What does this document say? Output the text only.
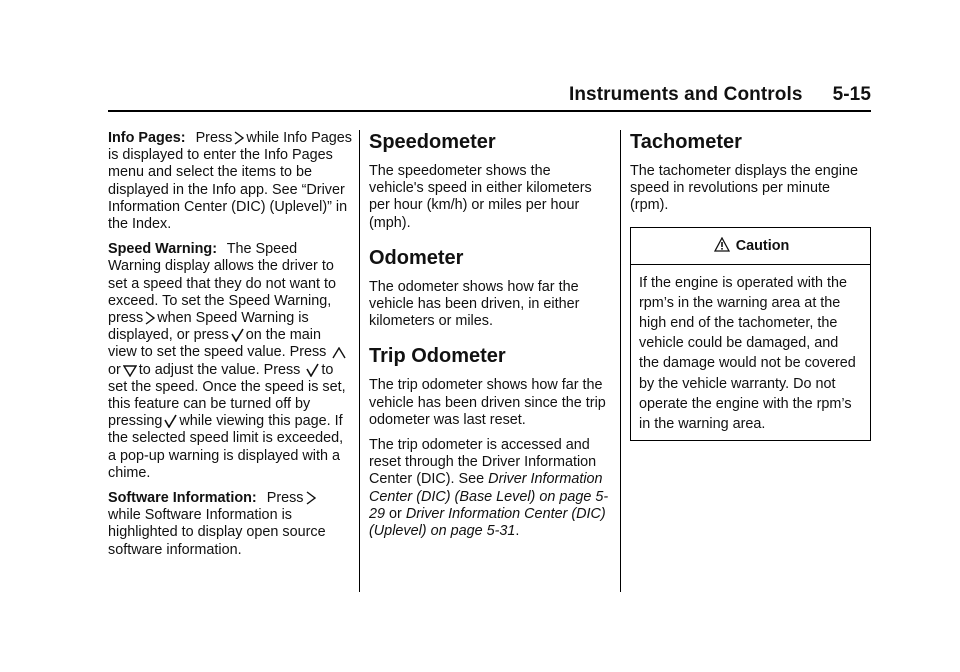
Instruments and Controls 5-15

Info Pages: Press while Info Pages is displayed to enter the Info Pages menu and select the items to be displayed in the Info app. See “Driver Information Center (DIC) (Uplevel)” in the Index.

Speed Warning: The Speed Warning display allows the driver to set a speed that they do not want to exceed. To set the Speed Warning, press when Speed Warning is displayed, or press on the main view to set the speed value. Press
or to adjust the value. Press to set the speed. Once the speed is set, this feature can be turned off by pressing while viewing this page. If the selected speed limit is exceeded, a pop-up warning is displayed with a chime.

Software Information: Press
while Software Information is highlighted to display open source software information.

Speedometer

The speedometer shows the vehicle's speed in either kilometers per hour (km/h) or miles per hour (mph).

Odometer

The odometer shows how far the vehicle has been driven, in either kilometers or miles.

Trip Odometer

The trip odometer shows how far the vehicle has been driven since the trip odometer was last reset.

The trip odometer is accessed and reset through the Driver Information Center (DIC). See Driver Information Center (DIC) (Base Level) on page 5-29 or Driver Information Center (DIC) (Uplevel) on page 5-31.

Tachometer

The tachometer displays the engine speed in revolutions per minute (rpm).

Caution

If the engine is operated with the rpm’s in the warning area at the high end of the tachometer, the vehicle could be damaged, and the damage would not be covered by the vehicle warranty. Do not operate the engine with the rpm’s in the warning area.
